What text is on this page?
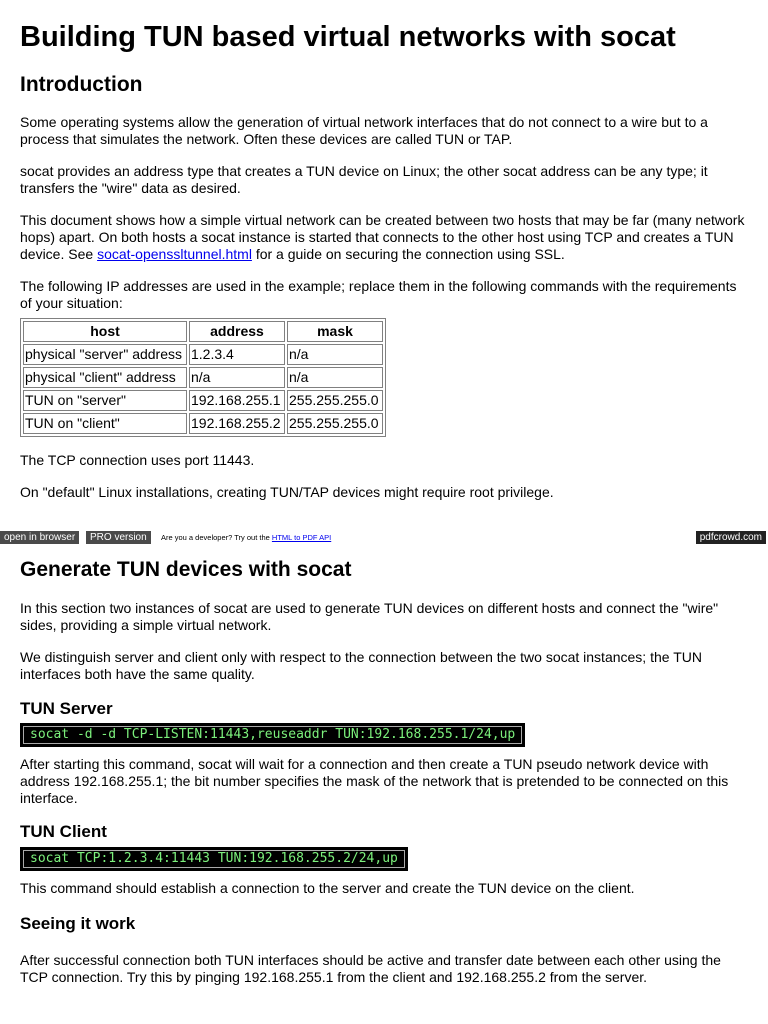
Building TUN based virtual networks with socat
Introduction

Some operating systems allow the generation of virtual network interfaces that do not connect to a wire but to a process that simulates the network. Often these devices are called TUN or TAP.

socat provides an address type that creates a TUN device on Linux; the other socat address can be any type; it transfers the "wire" data as desired.

This document shows how a simple virtual network can be created between two hosts that may be far (many network hops) apart. On both hosts a socat instance is started that connects to the other host using TCP and creates a TUN device. See socat-openssltunnel.html for a guide on securing the connection using SSL.

The following IP addresses are used in the example; replace them in the following commands with the requirements of your situation:

host	address	mask
physical "server" address	1.2.3.4	n/a
physical "client" address	n/a	n/a
TUN on "server"	192.168.255.1	255.255.255.0
TUN on "client"	192.168.255.2	255.255.255.0

The TCP connection uses port 11443.

On "default" Linux installations, creating TUN/TAP devices might require root privilege.

open in browser	PRO version	Are you a developer? Try out the HTML to PDF API	pdfcrowd.com
Generate TUN devices with socat

In this section two instances of socat are used to generate TUN devices on different hosts and connect the "wire" sides, providing a simple virtual network.

We distinguish server and client only with respect to the connection between the two socat instances; the TUN interfaces both have the same quality.

TUN Server
socat -d -d TCP-LISTEN:11443,reuseaddr TUN:192.168.255.1/24,up

After starting this command, socat will wait for a connection and then create a TUN pseudo network device with address 192.168.255.1; the bit number specifies the mask of the network that is pretended to be connected on this interface.

TUN Client
socat TCP:1.2.3.4:11443 TUN:192.168.255.2/24,up

This command should establish a connection to the server and create the TUN device on the client.

Seeing it work

After successful connection both TUN interfaces should be active and transfer date between each other using the TCP connection. Try this by pinging 192.168.255.1 from the client and 192.168.255.2 from the server.
